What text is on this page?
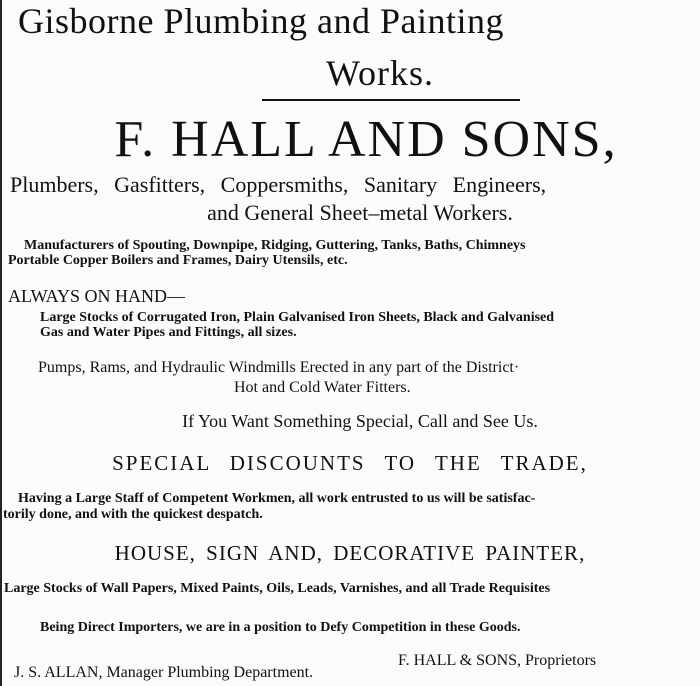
Gisborne Plumbing and Painting
Works.
F. HALL AND SONS,
Plumbers, Gasfitters, Coppersmiths, Sanitary Engineers,
and General Sheet–metal Workers.
Manufacturers of Spouting, Downpipe, Ridging, Guttering, Tanks, Baths, Chimneys
Portable Copper Boilers and Frames, Dairy Utensils, etc.
ALWAYS ON HAND—
Large Stocks of Corrugated Iron, Plain Galvanised Iron Sheets, Black and Galvanised
Gas and Water Pipes and Fittings, all sizes.
Pumps, Rams, and Hydraulic Windmills Erected in any part of the District·
Hot and Cold Water Fitters.
If You Want Something Special, Call and See Us.
SPECIAL DISCOUNTS TO THE TRADE,
Having a Large Staff of Competent Workmen, all work entrusted to us will be satisfac-
torily done, and with the quickest despatch.
HOUSE, SIGN AND, DECORATIVE PAINTER,
Large Stocks of Wall Papers, Mixed Paints, Oils, Leads, Varnishes, and all Trade Requisites
Being Direct Importers, we are in a position to Defy Competition in these Goods.
F. HALL & SONS, Proprietors
J. S. ALLAN, Manager Plumbing Department.
